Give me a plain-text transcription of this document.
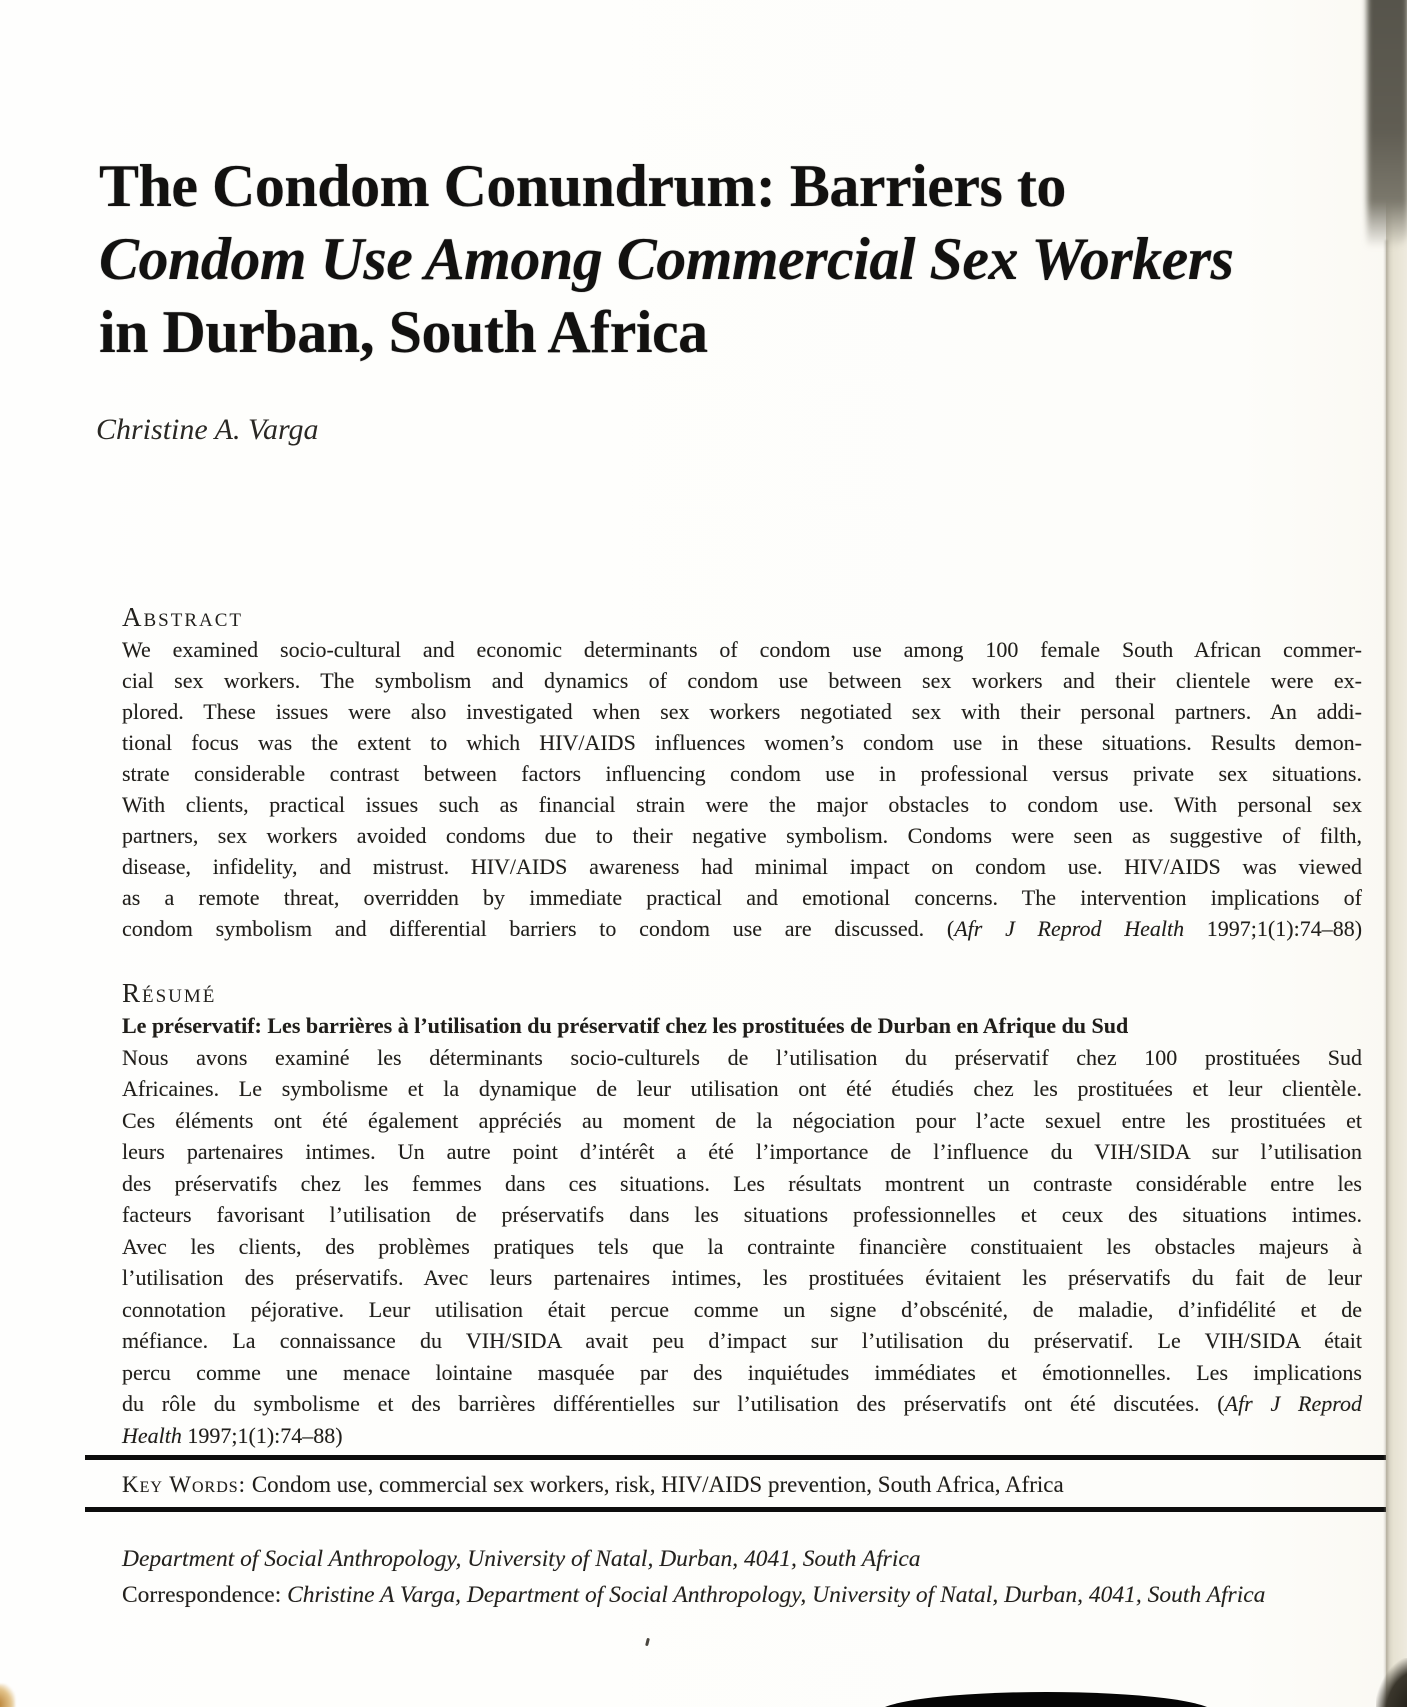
The Condom Conundrum: Barriers to
Condom Use Among Commercial Sex Workers
in Durban, South Africa
Christine A. Varga
Abstract
We examined socio-cultural and economic determinants of condom use among 100 female South African commer-
cial sex workers. The symbolism and dynamics of condom use between sex workers and their clientele were ex-
plored. These issues were also investigated when sex workers negotiated sex with their personal partners. An addi-
tional focus was the extent to which HIV/AIDS influences women’s condom use in these situations. Results demon-
strate considerable contrast between factors influencing condom use in professional versus private sex situations.
With clients, practical issues such as financial strain were the major obstacles to condom use. With personal sex
partners, sex workers avoided condoms due to their negative symbolism. Condoms were seen as suggestive of filth,
disease, infidelity, and mistrust. HIV/AIDS awareness had minimal impact on condom use. HIV/AIDS was viewed
as a remote threat, overridden by immediate practical and emotional concerns. The intervention implications of
condom symbolism and differential barriers to condom use are discussed. (Afr J Reprod Health 1997;1(1):74–88)
Résumé
Le préservatif: Les barrières à l’utilisation du préservatif chez les prostituées de Durban en Afrique du Sud
Nous avons examiné les déterminants socio-culturels de l’utilisation du préservatif chez 100 prostituées Sud
Africaines. Le symbolisme et la dynamique de leur utilisation ont été étudiés chez les prostituées et leur clientèle.
Ces éléments ont été également appréciés au moment de la négociation pour l’acte sexuel entre les prostituées et
leurs partenaires intimes. Un autre point d’intérêt a été l’importance de l’influence du VIH/SIDA sur l’utilisation
des préservatifs chez les femmes dans ces situations. Les résultats montrent un contraste considérable entre les
facteurs favorisant l’utilisation de préservatifs dans les situations professionnelles et ceux des situations intimes.
Avec les clients, des problèmes pratiques tels que la contrainte financière constituaient les obstacles majeurs à
l’utilisation des préservatifs. Avec leurs partenaires intimes, les prostituées évitaient les préservatifs du fait de leur
connotation péjorative. Leur utilisation était percue comme un signe d’obscénité, de maladie, d’infidélité et de
méfiance. La connaissance du VIH/SIDA avait peu d’impact sur l’utilisation du préservatif. Le VIH/SIDA était
percu comme une menace lointaine masquée par des inquiétudes immédiates et émotionnelles. Les implications
du rôle du symbolisme et des barrières différentielles sur l’utilisation des préservatifs ont été discutées. (Afr J Reprod
Health 1997;1(1):74–88)
Key Words: Condom use, commercial sex workers, risk, HIV/AIDS prevention, South Africa, Africa
Department of Social Anthropology, University of Natal, Durban, 4041, South Africa
Correspondence: Christine A Varga, Department of Social Anthropology, University of Natal, Durban, 4041, South Africa
